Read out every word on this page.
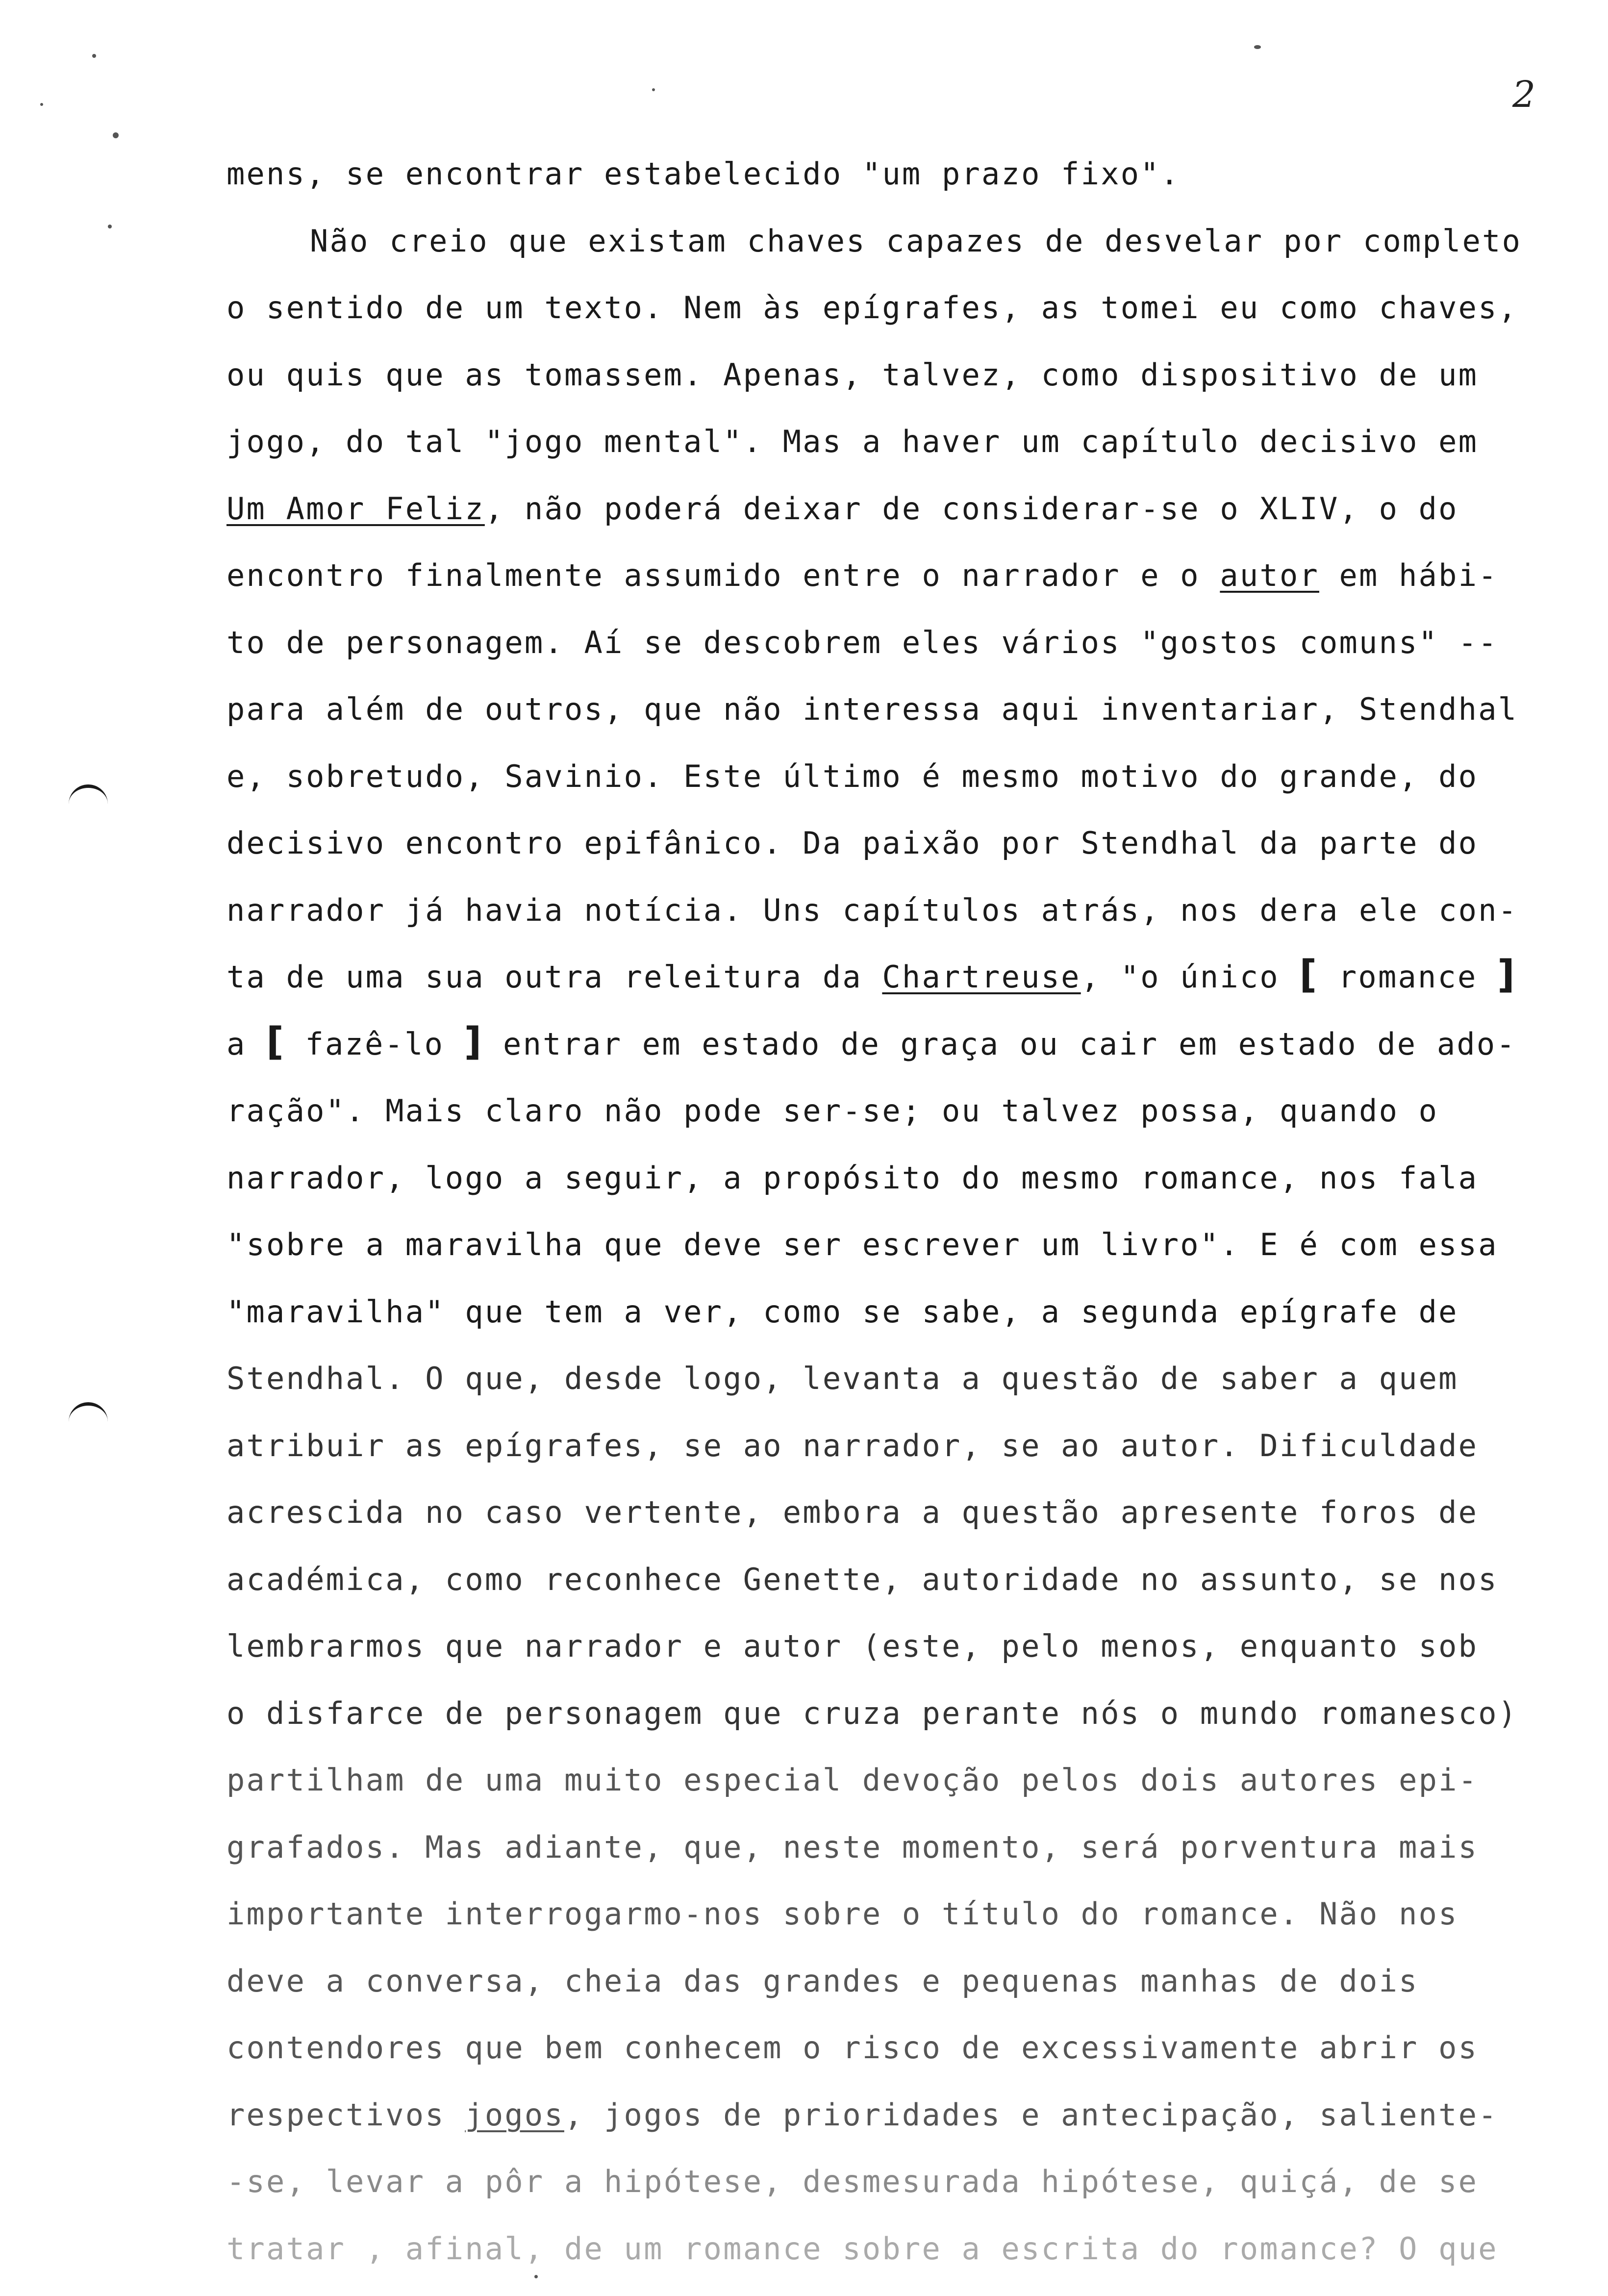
2
mens, se encontrar estabelecido "um prazo fixo".
Não creio que existam chaves capazes de desvelar por completo
o sentido de um texto. Nem às epígrafes, as tomei eu como chaves,
ou quis que as tomassem. Apenas, talvez, como dispositivo de um
jogo, do tal "jogo mental". Mas a haver um capítulo decisivo em
Um Amor Feliz, não poderá deixar de considerar-se o XLIV, o do
encontro finalmente assumido entre o narrador e o autor em hábi-
to de personagem. Aí se descobrem eles vários "gostos comuns" --
para além de outros, que não interessa aqui inventariar, Stendhal
e, sobretudo, Savinio. Este último é mesmo motivo do grande, do
decisivo encontro epifânico. Da paixão por Stendhal da parte do
narrador já havia notícia. Uns capítulos atrás, nos dera ele con-
ta de uma sua outra releitura da Chartreuse, "o único [ romance ]
a [ fazê-lo ] entrar em estado de graça ou cair em estado de ado-
ração". Mais claro não pode ser-se; ou talvez possa, quando o
narrador, logo a seguir, a propósito do mesmo romance, nos fala
"sobre a maravilha que deve ser escrever um livro". E é com essa
"maravilha" que tem a ver, como se sabe, a segunda epígrafe de
Stendhal. O que, desde logo, levanta a questão de saber a quem
atribuir as epígrafes, se ao narrador, se ao autor. Dificuldade
acrescida no caso vertente, embora a questão apresente foros de
académica, como reconhece Genette, autoridade no assunto, se nos
lembrarmos que narrador e autor (este, pelo menos, enquanto sob
o disfarce de personagem que cruza perante nós o mundo romanesco)
partilham de uma muito especial devoção pelos dois autores epi-
grafados. Mas adiante, que, neste momento, será porventura mais
importante interrogarmo-nos sobre o título do romance. Não nos
deve a conversa, cheia das grandes e pequenas manhas de dois
contendores que bem conhecem o risco de excessivamente abrir os
respectivos jogos, jogos de prioridades e antecipação, saliente-
-se, levar a pôr a hipótese, desmesurada hipótese, quiçá, de se
tratar , afinal, de um romance sobre a escrita do romance? O que
